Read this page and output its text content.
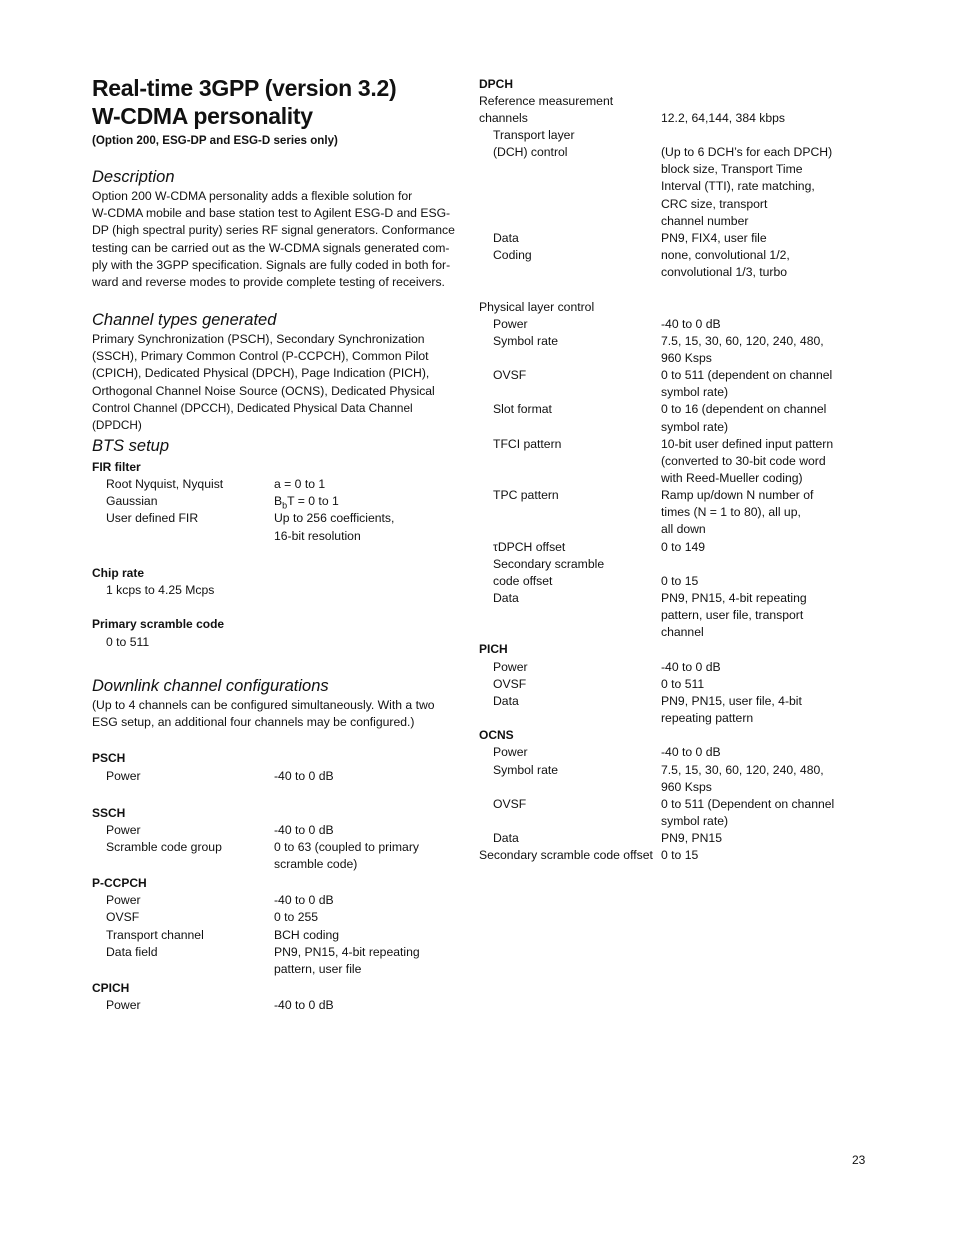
Real-time 3GPP (version 3.2)
W-CDMA personality

(Option 200, ESG-DP and ESG-D series only)

Description
Option 200 W-CDMA personality adds a flexible solution for
W-CDMA mobile and base station test to Agilent ESG-D and ESG-
DP (high spectral purity) series RF signal generators. Conformance
testing can be carried out as the W-CDMA signals generated com-
ply with the 3GPP specification. Signals are fully coded in both for-
ward and reverse modes to provide complete testing of receivers.
Channel types generated
Primary Synchronization (PSCH), Secondary Synchronization
(SSCH), Primary Common Control (P-CCPCH), Common Pilot
(CPICH), Dedicated Physical (DPCH), Page Indication (PICH),
Orthogonal Channel Noise Source (OCNS), Dedicated Physical
Control Channel (DPCCH), Dedicated Physical Data Channel (DPDCH)
BTS setup
FIR filter
Root Nyquist, Nyquist	a = 0 to 1
Gaussian	$B_bT = 0$ to 1
User defined FIR	Up to 256 coefficients,
16-bit resolution
Chip rate
1 kcps to 4.25 Mcps
Primary scramble code
0 to 511
Downlink channel configurations
(Up to 4 channels can be configured simultaneously. With a two
ESG setup, an additional four channels may be configured.)
PSCH
Power	-40 to 0 dB
SSCH
Power	-40 to 0 dB
Scramble code group	0 to 63 (coupled to primary
scramble code)
P-CCPCH
Power	-40 to 0 dB
OVSF	0 to 255
Transport channel	BCH coding
Data field	PN9, PN15, 4-bit repeating
pattern, user file
CPICH
Power	-40 to 0 dB
DPCH
Reference measurement
channels	12.2, 64,144, 384 kbps
Transport layer
(DCH) control	(Up to 6 DCH’s for each DPCH)
block size, Transport Time
Interval (TTI), rate matching,
CRC size, transport
channel number
Data	PN9, FIX4, user file
Coding	none, convolutional 1/2,
convolutional 1/3, turbo
Physical layer control
Power	-40 to 0 dB
Symbol rate	7.5, 15, 30, 60, 120, 240, 480,
960 Ksps
OVSF	0 to 511 (dependent on channel
symbol rate)
Slot format	0 to 16 (dependent on channel
symbol rate)
TFCI pattern	10-bit user defined input pattern
(converted to 30-bit code word
with Reed-Mueller coding)
TPC pattern	Ramp up/down N number of
times (N = 1 to 80), all up,
all down
τDPCH offset	0 to 149
Secondary scramble
code offset	0 to 15
Data	PN9, PN15, 4-bit repeating
pattern, user file, transport
channel
PICH
Power	-40 to 0 dB
OVSF	0 to 511
Data	PN9, PN15, user file, 4-bit
repeating pattern
OCNS
Power	-40 to 0 dB
Symbol rate	7.5, 15, 30, 60, 120, 240, 480,
960 Ksps
OVSF	0 to 511 (Dependent on channel
symbol rate)
Data	PN9, PN15
Secondary scramble code offset 0 to 15
23
